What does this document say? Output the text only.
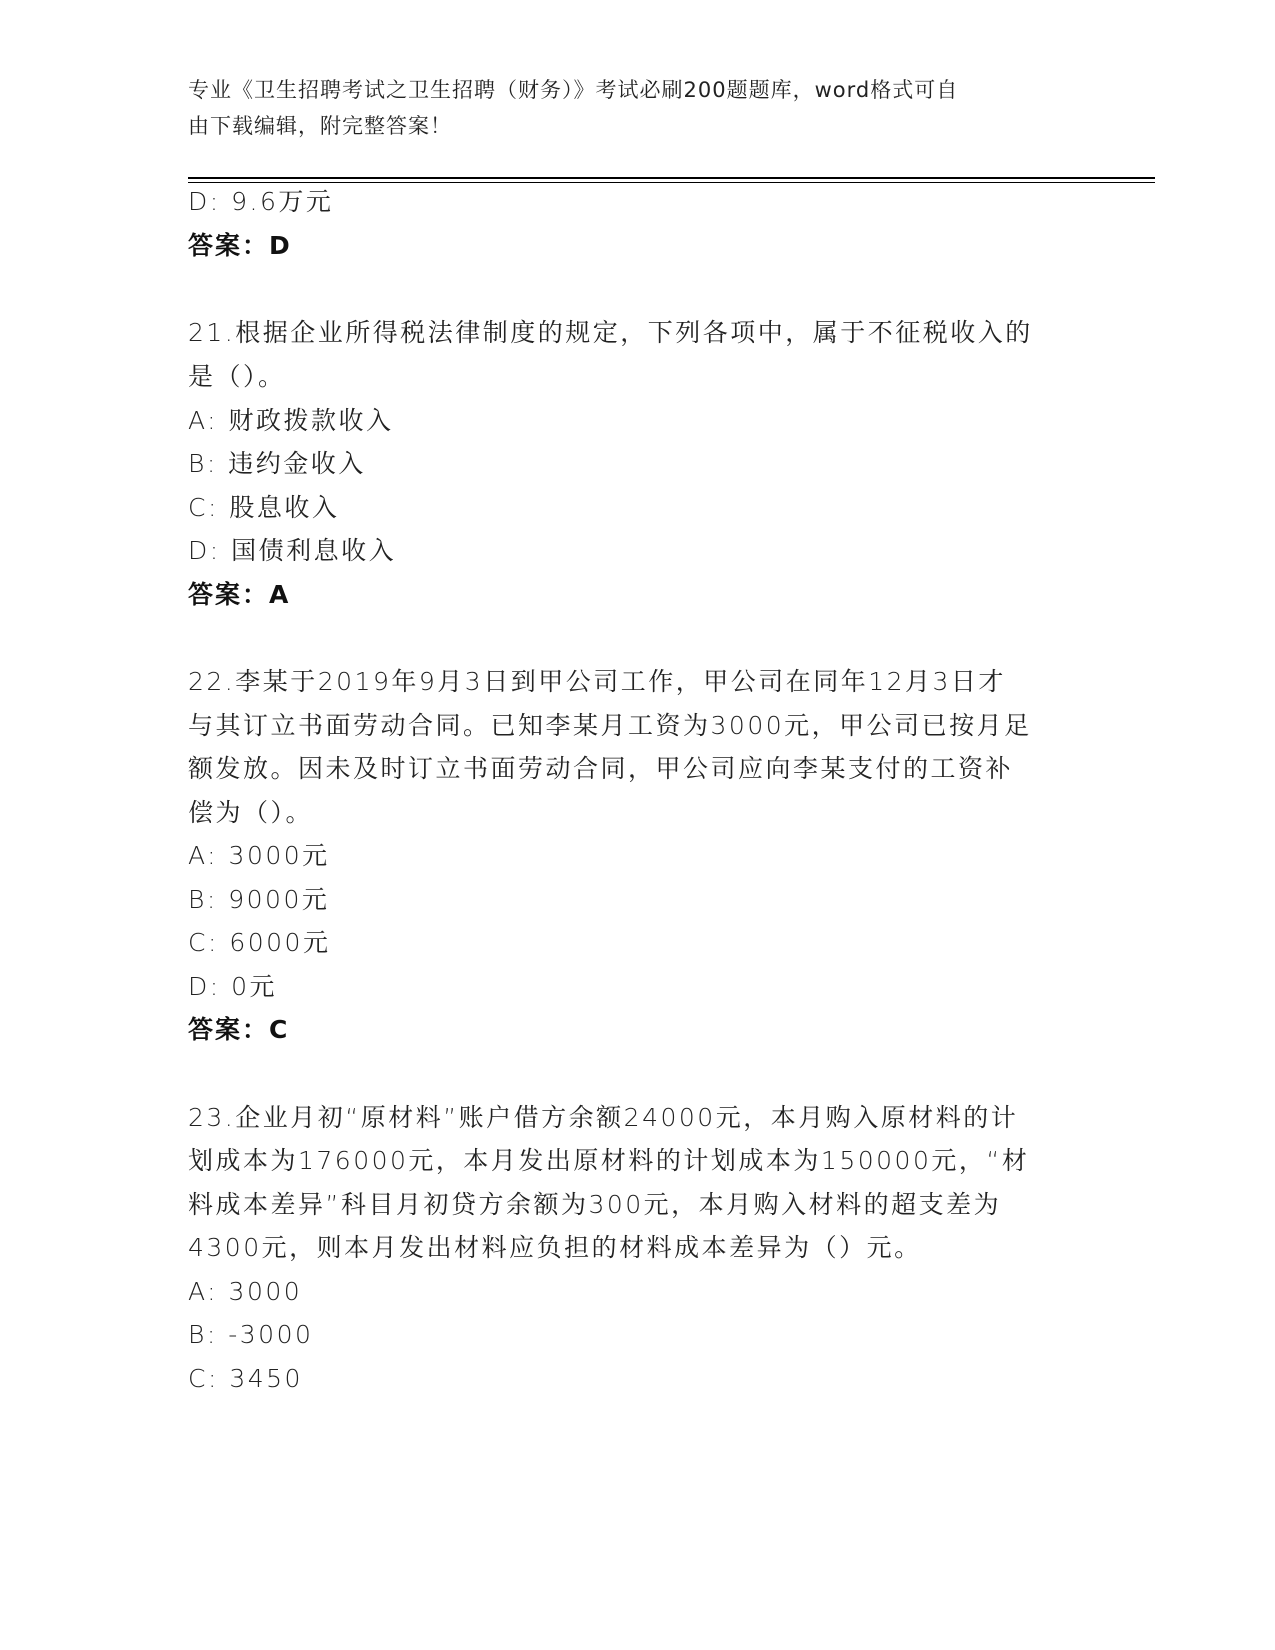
专业《卫生招聘考试之卫生招聘（财务）》考试必刷200题题库，word格式可自
由下载编辑，附完整答案！
D: 9.6万元
答案：D
21.根据企业所得税法律制度的规定，下列各项中，属于不征税收入的
是（）。
A: 财政拨款收入
B: 违约金收入
C: 股息收入
D: 国债利息收入
答案：A
22.李某于2019年9月3日到甲公司工作，甲公司在同年12月3日才
与其订立书面劳动合同。已知李某月工资为3000元，甲公司已按月足
额发放。因未及时订立书面劳动合同，甲公司应向李某支付的工资补
偿为（）。
A: 3000元
B: 9000元
C: 6000元
D: 0元
答案：C
23.企业月初“原材料”账户借方余额24000元，本月购入原材料的计
划成本为176000元，本月发出原材料的计划成本为150000元，“材
料成本差异”科目月初贷方余额为300元，本月购入材料的超支差为
4300元，则本月发出材料应负担的材料成本差异为（）元。
A: 3000
B: -3000
C: 3450
